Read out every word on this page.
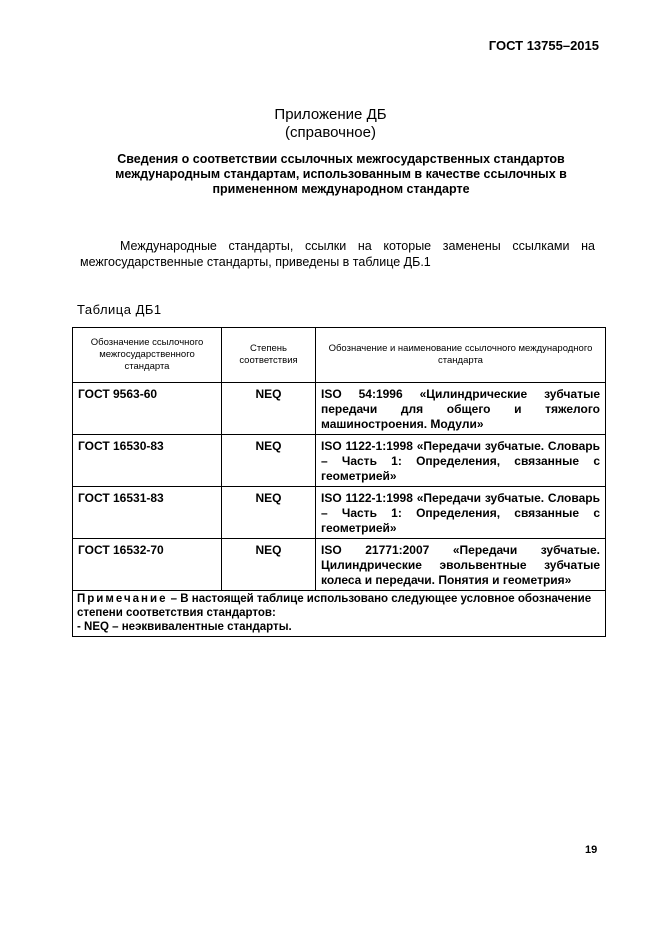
ГОСТ 13755–2015
Приложение ДБ
(справочное)
Сведения о соответствии ссылочных межгосударственных стандартов
международным стандартам, использованным в качестве ссылочных в
примененном международном стандарте

Международные стандарты, ссылки на которые заменены ссылками на межгосударственные стандарты, приведены в таблице ДБ.1

Таблица ДБ1
Обозначение ссылочного межгосударственного стандарта	Степень соответствия	Обозначение и наименование ссылочного международного стандарта
ГОСТ 9563-60	NEQ	ISO 54:1996 «Цилиндрические зубчатые передачи для общего и тяжелого машиностроения. Модули»
ГОСТ 16530-83	NEQ	ISO 1122-1:1998 «Передачи зубчатые. Словарь – Часть 1: Определения, связанные с геометрией»
ГОСТ 16531-83	NEQ	ISO 1122-1:1998 «Передачи зубчатые. Словарь – Часть 1: Определения, связанные с геометрией»
ГОСТ 16532-70	NEQ	ISO 21771:2007 «Передачи зубчатые. Цилиндрические эвольвентные зубчатые колеса и передачи. Понятия и геометрия»
Примечание – В настоящей таблице использовано следующее условное обозначение степени соответствия стандартов:
- NEQ – неэквивалентные стандарты.		
19
